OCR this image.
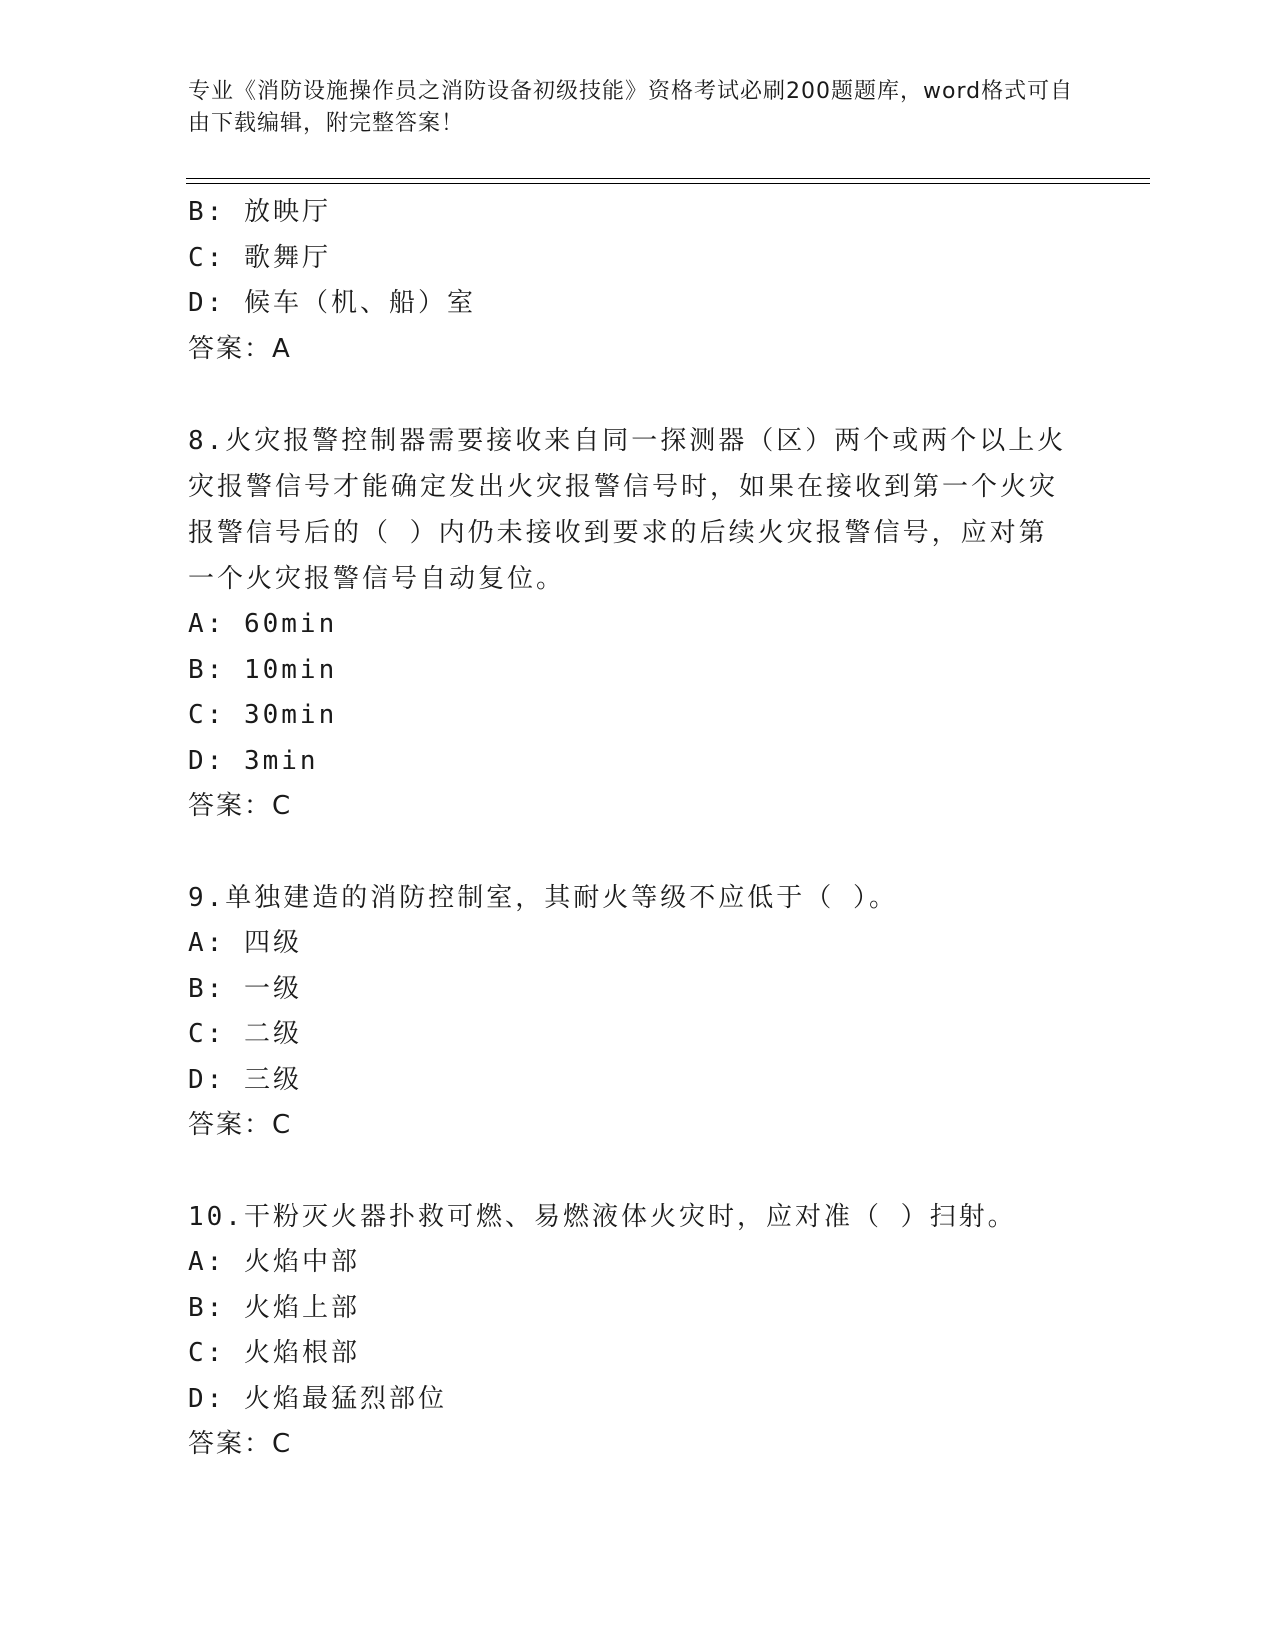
专业《消防设施操作员之消防设备初级技能》资格考试必刷200题题库，word格式可自由下载编辑，附完整答案！
B: 放映厅
C: 歌舞厅
D: 候车（机、船）室
答案：A
8.火灾报警控制器需要接收来自同一探测器（区）两个或两个以上火灾报警信号才能确定发出火灾报警信号时，如果在接收到第一个火灾报警信号后的（ ）内仍未接收到要求的后续火灾报警信号，应对第一个火灾报警信号自动复位。
A: 60min
B: 10min
C: 30min
D: 3min
答案：C
9.单独建造的消防控制室，其耐火等级不应低于（ ）。
A: 四级
B: 一级
C: 二级
D: 三级
答案：C
10.干粉灭火器扑救可燃、易燃液体火灾时，应对准（ ）扫射。
A: 火焰中部
B: 火焰上部
C: 火焰根部
D: 火焰最猛烈部位
答案：C
